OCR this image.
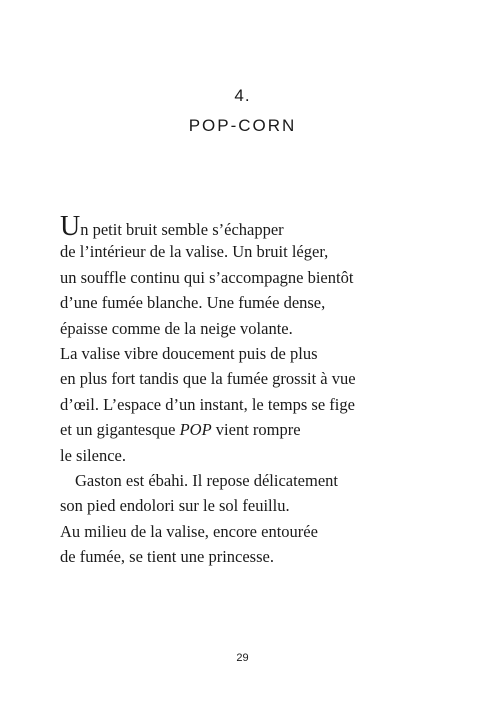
4.
POP-CORN
Un petit bruit semble s’échapper
de l’intérieur de la valise. Un bruit léger,
un souffle continu qui s’accompagne bientôt
d’une fumée blanche. Une fumée dense,
épaisse comme de la neige volante.
La valise vibre doucement puis de plus
en plus fort tandis que la fumée grossit à vue
d’œil. L’espace d’un instant, le temps se fige
et un gigantesque POP vient rompre
le silence.
Gaston est ébahi. Il repose délicatement
son pied endolori sur le sol feuillu.
Au milieu de la valise, encore entourée
de fumée, se tient une princesse.
29
